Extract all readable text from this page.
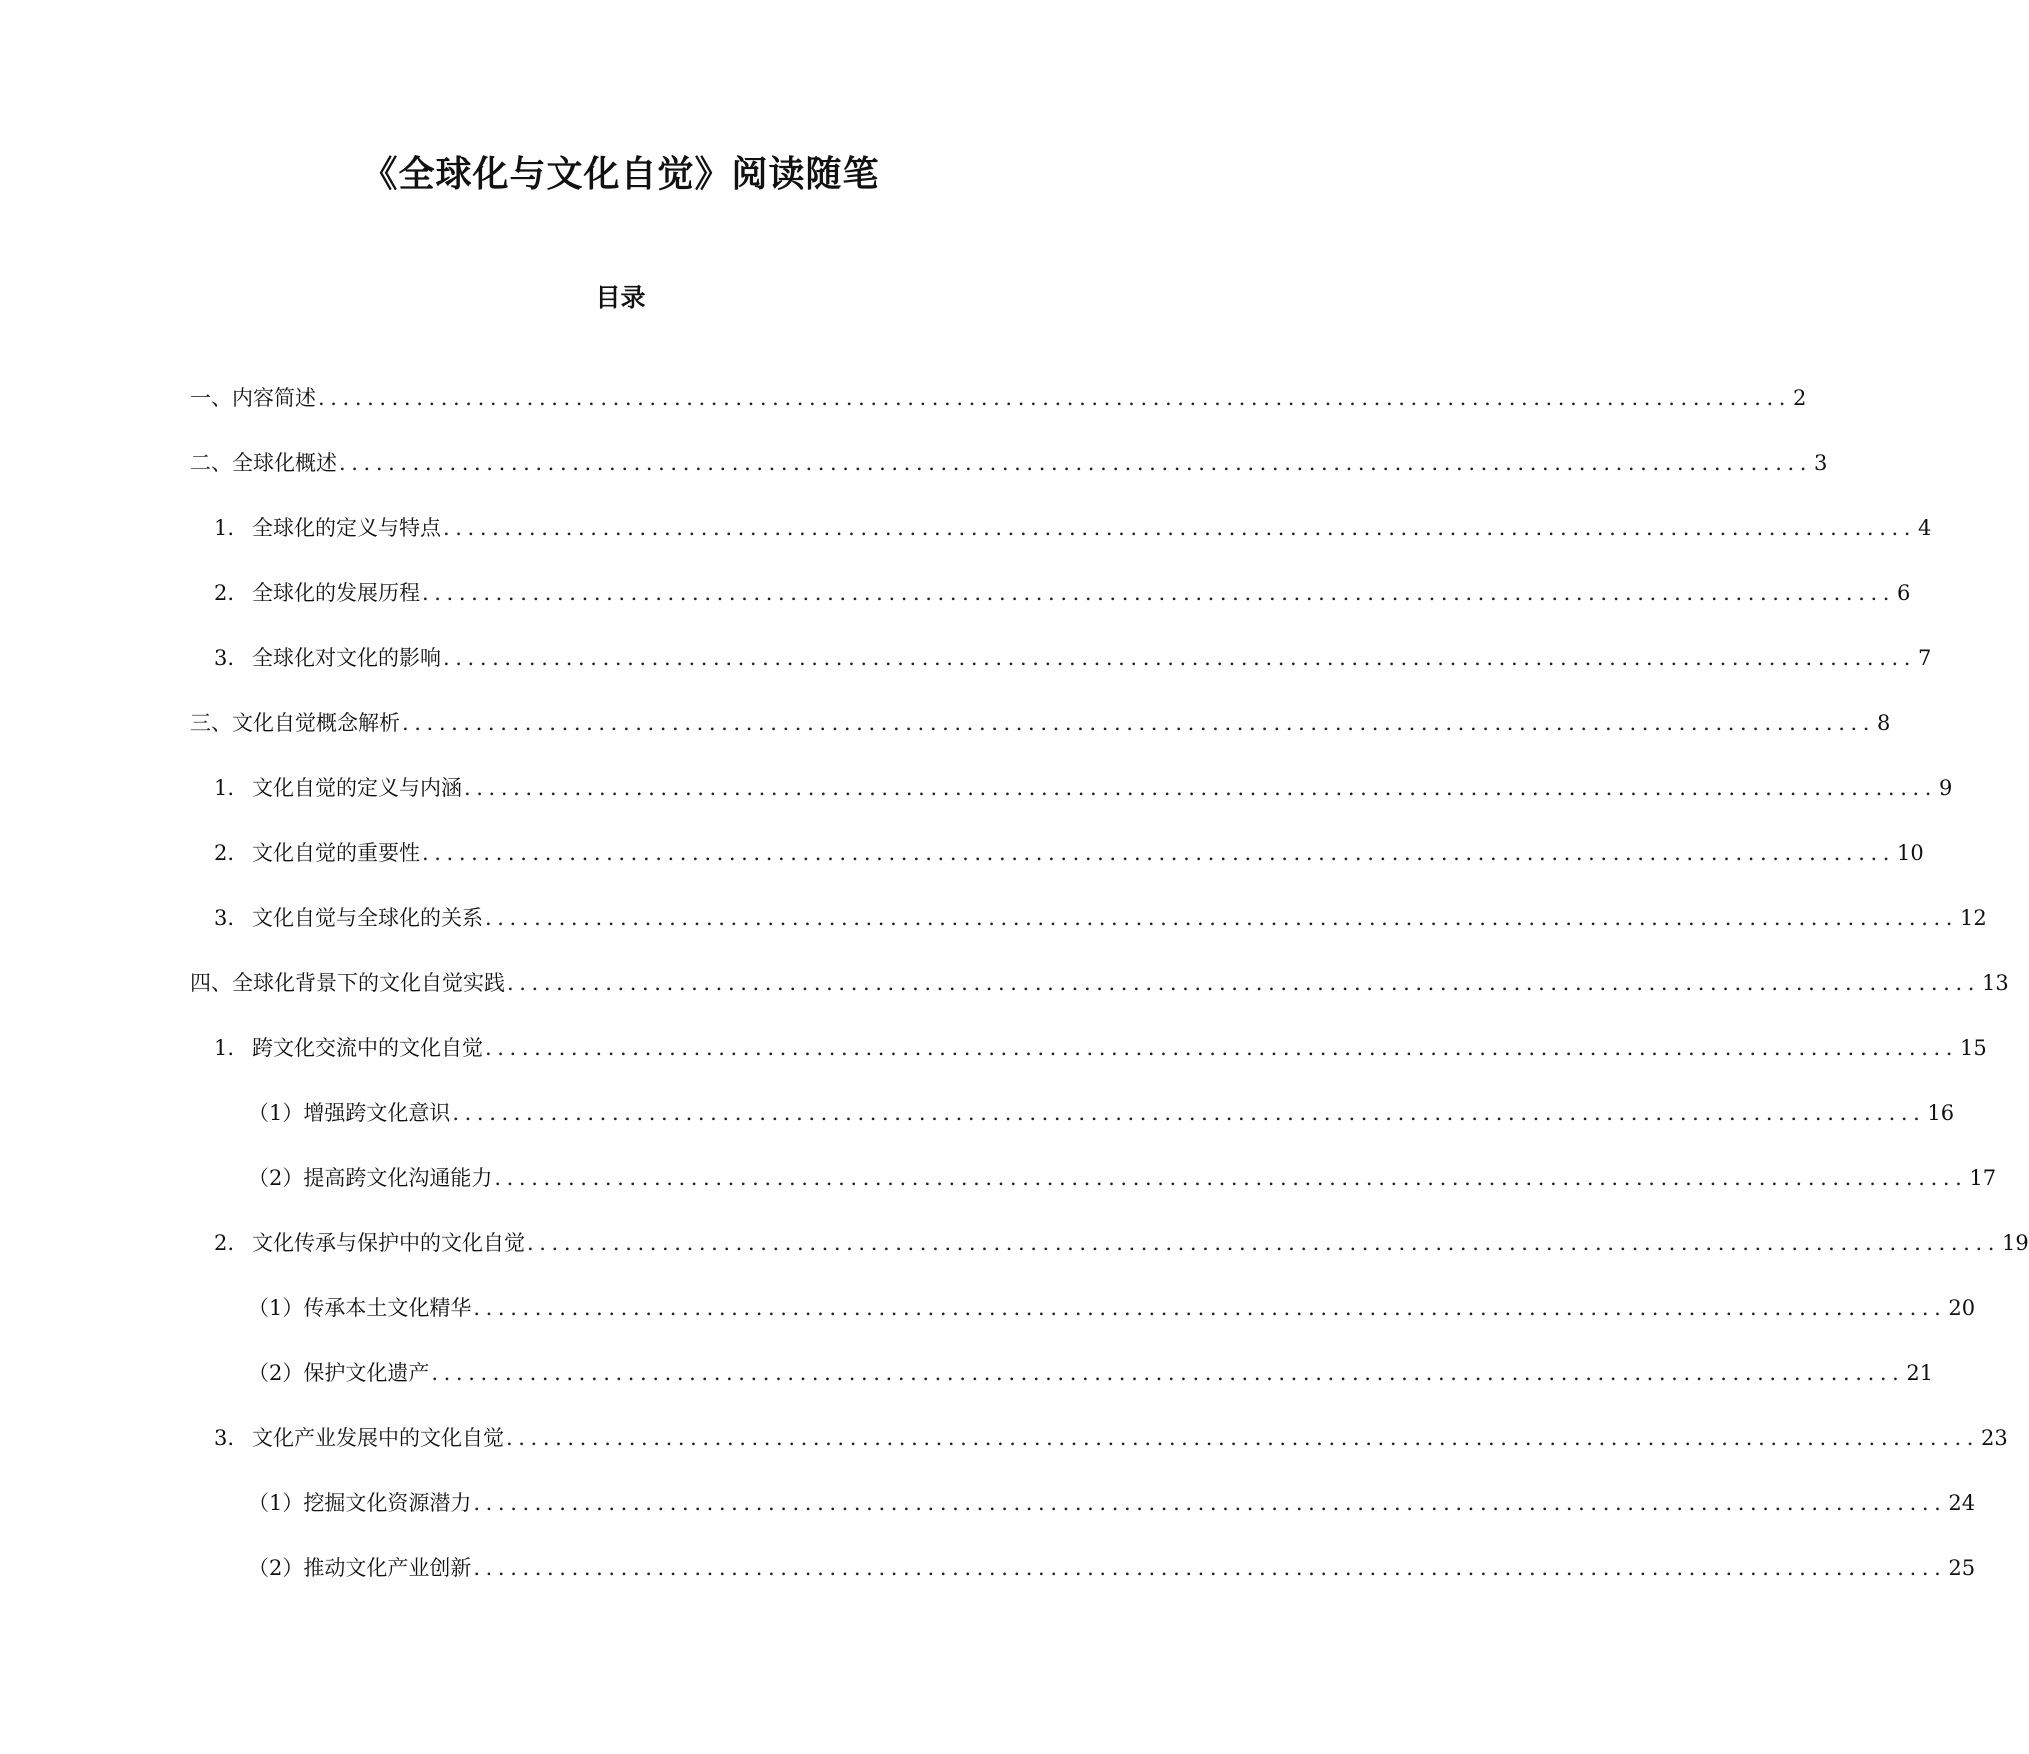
《全球化与文化自觉》阅读随笔
目录
一、 内容简述 ........................................................................................................................ 2
二、 全球化概述 ........................................................................................................................ 3
1. 全球化的定义与特点 ........................................................................................................................ 4
2. 全球化的发展历程 ........................................................................................................................ 6
3. 全球化对文化的影响 ........................................................................................................................ 7
三、 文化自觉概念解析 ........................................................................................................................ 8
1. 文化自觉的定义与内涵 ........................................................................................................................ 9
2. 文化自觉的重要性 ........................................................................................................................ 10
3. 文化自觉与全球化的关系 ........................................................................................................................ 12
四、 全球化背景下的文化自觉实践 ........................................................................................................................ 13
1. 跨文化交流中的文化自觉 ........................................................................................................................ 15
（1） 增强跨文化意识 ........................................................................................................................ 16
（2） 提高跨文化沟通能力 ........................................................................................................................ 17
2. 文化传承与保护中的文化自觉 ........................................................................................................................ 19
（1） 传承本土文化精华 ........................................................................................................................ 20
（2） 保护文化遗产 ........................................................................................................................ 21
3. 文化产业发展中的文化自觉 ........................................................................................................................ 23
（1） 挖掘文化资源潜力 ........................................................................................................................ 24
（2） 推动文化产业创新 ........................................................................................................................ 25
